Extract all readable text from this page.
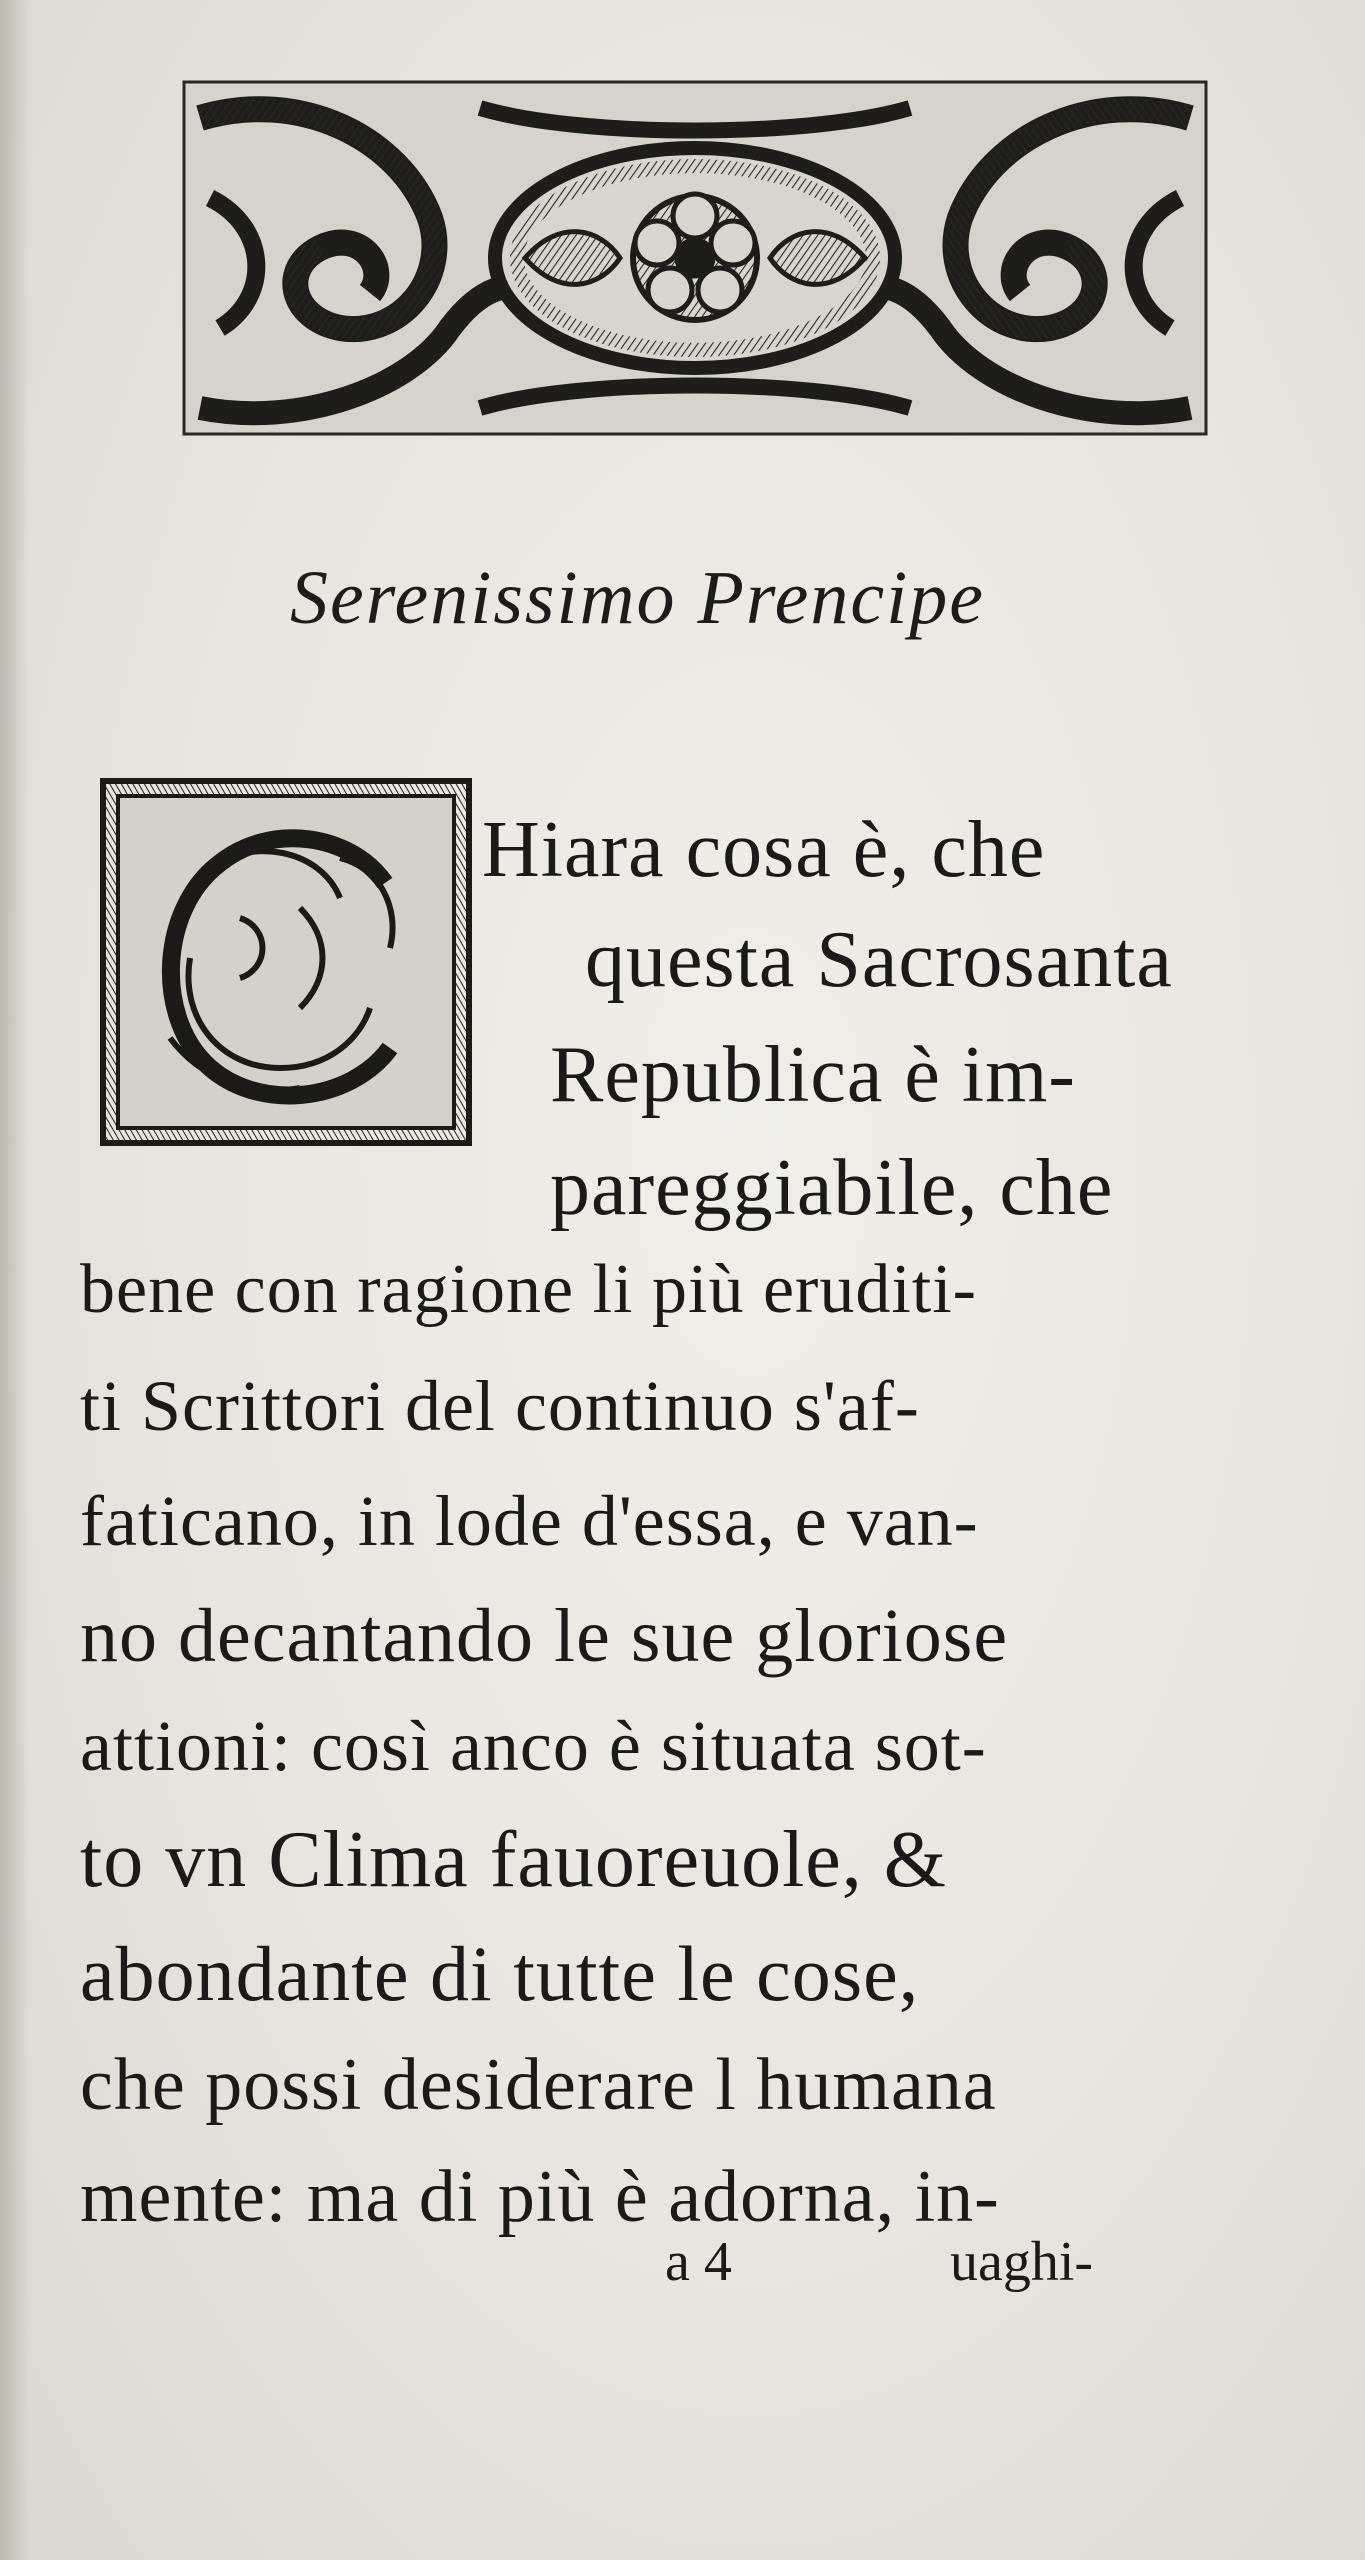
Serenissimo Prencipe
Hiara cosa è, che
questa Sacrosanta
Republica è im-
pareggiabile, che
bene con ragione li più eruditi-
ti Scrittori del continuo s'af-
faticano, in lode d'essa, e van-
no decantando le sue gloriose
attioni: così anco è situata sot-
to vn Clima fauoreuole, &
abondante di tutte le cose,
che possi desiderare l humana
mente: ma di più è adorna, in-
a 4	uaghi-
